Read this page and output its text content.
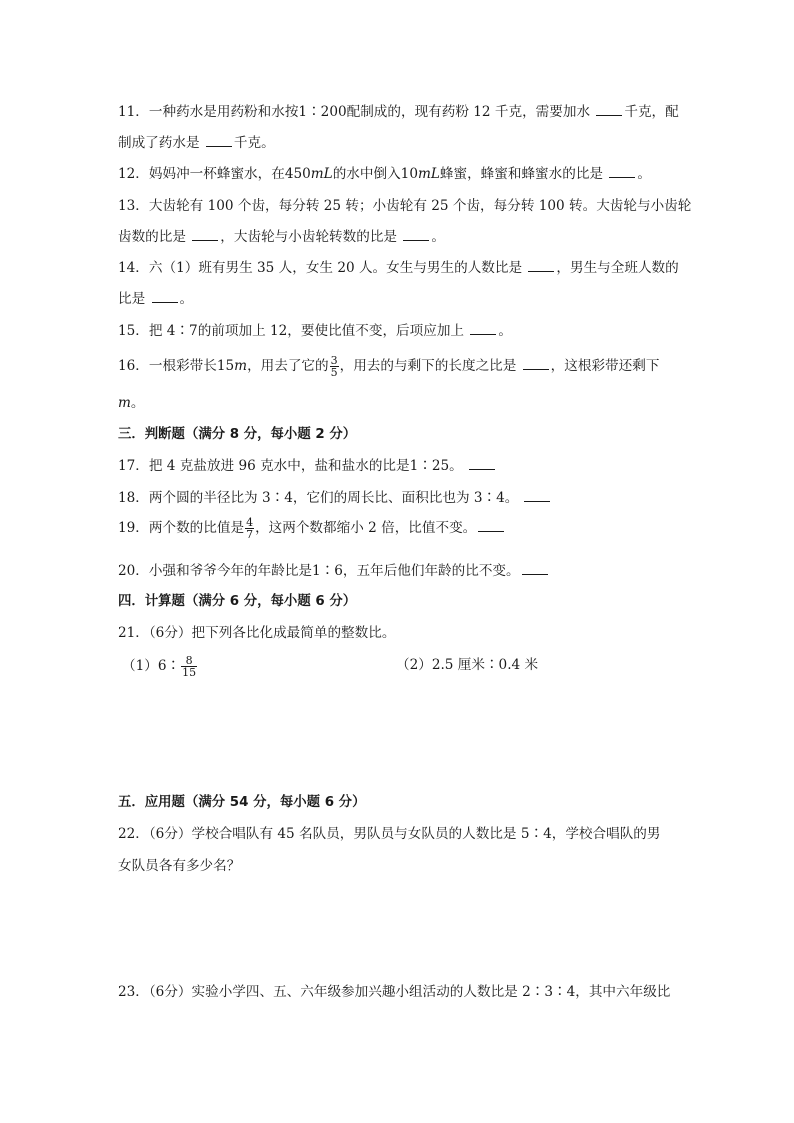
11．一种药水是用药粉和水按1∶200配制成的，现有药粉 12 千克，需要加水 千克，配
制成了药水是 千克。
12．妈妈冲一杯蜂蜜水，在450mL的水中倒入10mL蜂蜜，蜂蜜和蜂蜜水的比是 。
13．大齿轮有 100 个齿，每分转 25 转；小齿轮有 25 个齿，每分转 100 转。大齿轮与小齿轮
齿数的比是 ，大齿轮与小齿轮转数的比是 。
14．六（1）班有男生 35 人，女生 20 人。女生与男生的人数比是 ，男生与全班人数的
比是 。
15．把 4∶7的前项加上 12，要使比值不变，后项应加上 。
16．一根彩带长15m，用去了它的 $\frac{3}{5}$ ，用去的与剩下的长度之比是 ，这根彩带还剩下
m。
三．判断题（满分 8 分，每小题 2 分）
17．把 4 克盐放进 96 克水中，盐和盐水的比是1∶25。
18．两个圆的半径比为 3∶4，它们的周长比、面积比也为 3∶4。
19．两个数的比值是 $\frac{4}{7}$ ，这两个数都缩小 2 倍，比值不变。
20．小强和爷爷今年的年龄比是1∶6，五年后他们年龄的比不变。
四．计算题（满分 6 分，每小题 6 分）
21．（6分）把下列各比化成最简单的整数比。
（1）6∶ $\frac{8}{15}$	（2）2.5 厘米∶0.4 米
五．应用题（满分 54 分，每小题 6 分）
22．（6分）学校合唱队有 45 名队员，男队员与女队员的人数比是 5∶4，学校合唱队的男
女队员各有多少名？
23．（6分）实验小学四、五、六年级参加兴趣小组活动的人数比是 2∶3∶4，其中六年级比
